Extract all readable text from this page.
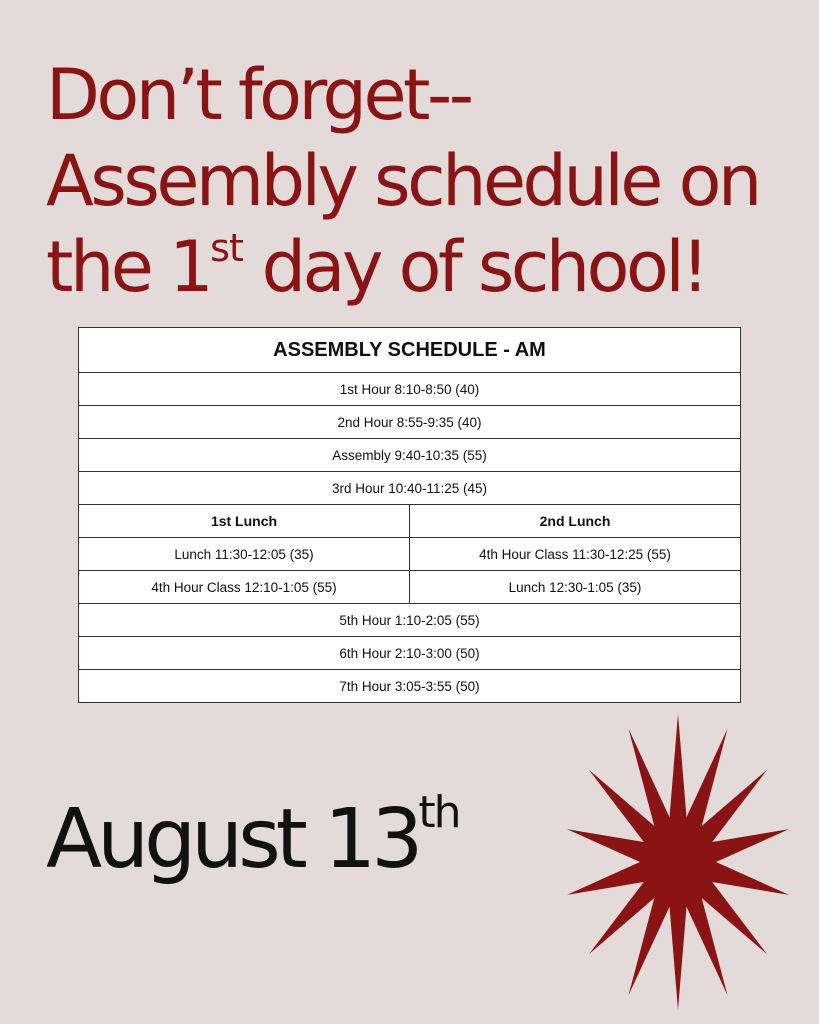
Don’t forget--
Assembly schedule on
the 1st day of school!
ASSEMBLY SCHEDULE - AM	
1st Hour 8:10-8:50 (40)	
2nd Hour 8:55-9:35 (40)	
Assembly 9:40-10:35 (55)	
3rd Hour 10:40-11:25 (45)	
1st Lunch	2nd Lunch
Lunch 11:30-12:05 (35)	4th Hour Class 11:30-12:25 (55)
4th Hour Class 12:10-1:05 (55)	Lunch 12:30-1:05 (35)
5th Hour 1:10-2:05 (55)	
6th Hour 2:10-3:00 (50)	
7th Hour 3:05-3:55 (50)	
August 13th
